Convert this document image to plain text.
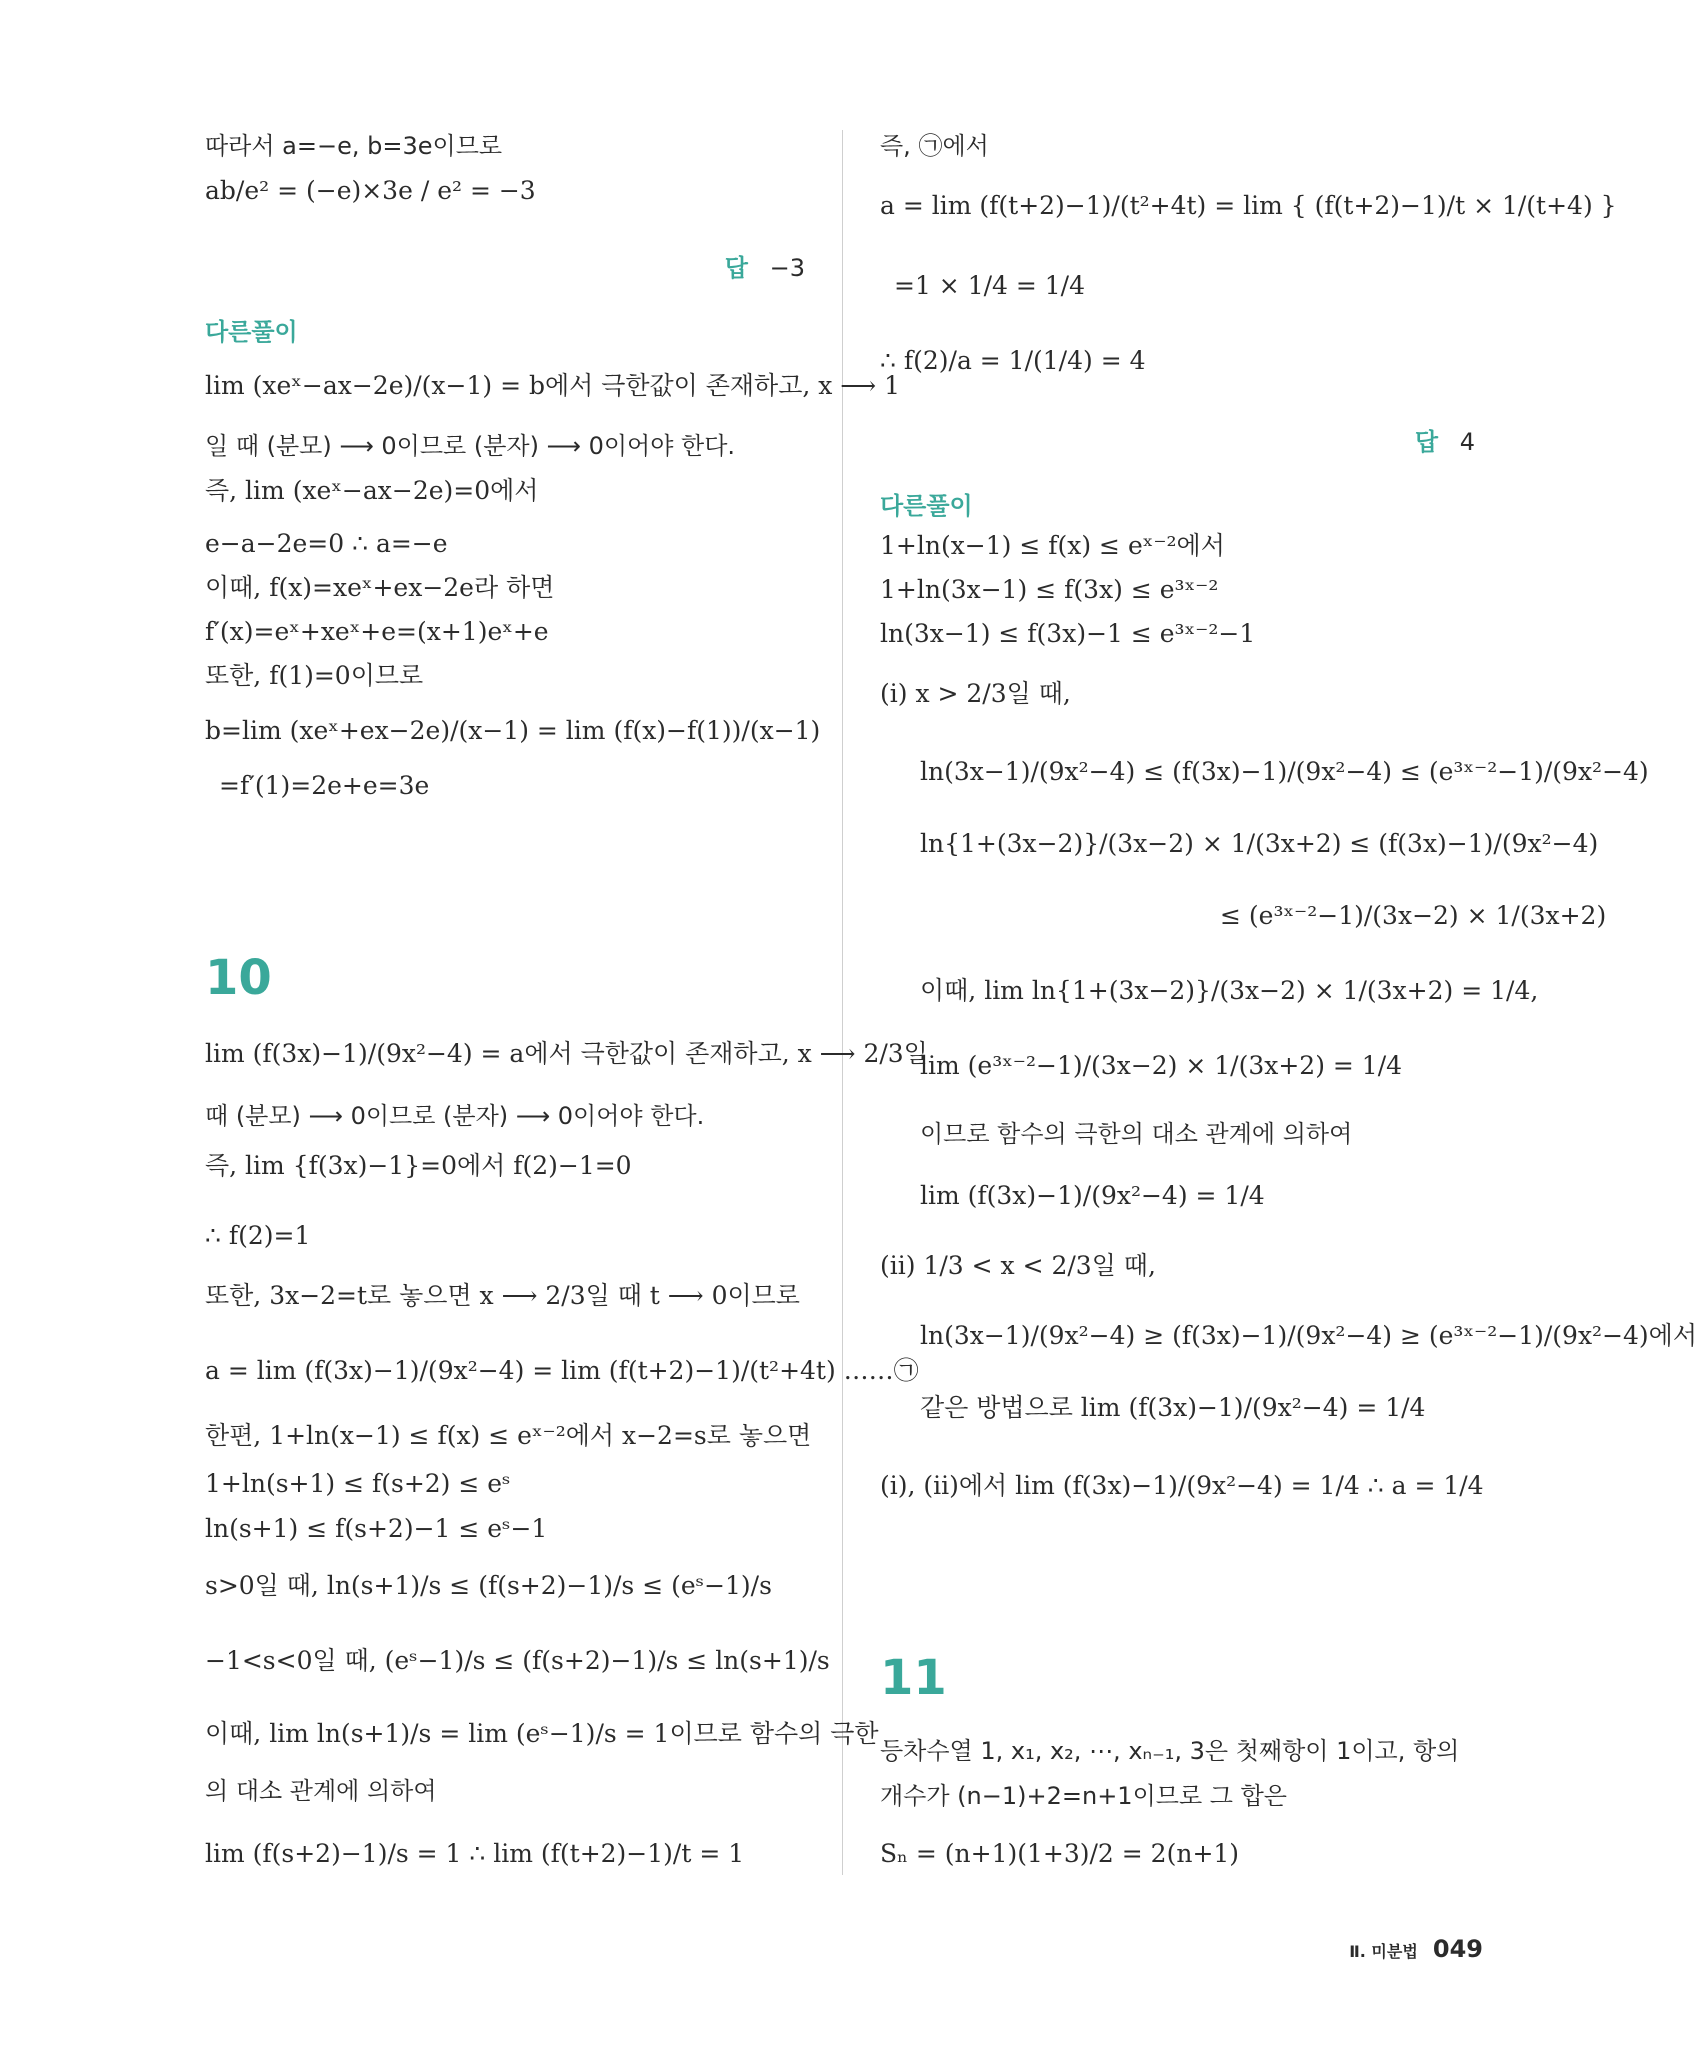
따라서 a=−e, b=3e이므로
ab/e² = (−e)×3e / e² = −3
답 −3
다른풀이
lim (xeˣ−ax−2e)/(x−1) = b에서 극한값이 존재하고, x ⟶ 1
일 때 (분모) ⟶ 0이므로 (분자) ⟶ 0이어야 한다.
즉, lim (xeˣ−ax−2e)=0에서
e−a−2e=0 ∴ a=−e
이때, f(x)=xeˣ+ex−2e라 하면
f′(x)=eˣ+xeˣ+e=(x+1)eˣ+e
또한, f(1)=0이므로
b=lim (xeˣ+ex−2e)/(x−1) = lim (f(x)−f(1))/(x−1)
=f′(1)=2e+e=3e
10
lim (f(3x)−1)/(9x²−4) = a에서 극한값이 존재하고, x ⟶ 2/3일
때 (분모) ⟶ 0이므로 (분자) ⟶ 0이어야 한다.
즉, lim {f(3x)−1}=0에서 f(2)−1=0
∴ f(2)=1
또한, 3x−2=t로 놓으면 x ⟶ 2/3일 때 t ⟶ 0이므로
a = lim (f(3x)−1)/(9x²−4) = lim (f(t+2)−1)/(t²+4t) ……㉠
한편, 1+ln(x−1) ≤ f(x) ≤ eˣ⁻²에서 x−2=s로 놓으면
1+ln(s+1) ≤ f(s+2) ≤ eˢ
ln(s+1) ≤ f(s+2)−1 ≤ eˢ−1
s>0일 때, ln(s+1)/s ≤ (f(s+2)−1)/s ≤ (eˢ−1)/s
−1<s<0일 때, (eˢ−1)/s ≤ (f(s+2)−1)/s ≤ ln(s+1)/s
이때, lim ln(s+1)/s = lim (eˢ−1)/s = 1이므로 함수의 극한
의 대소 관계에 의하여
lim (f(s+2)−1)/s = 1 ∴ lim (f(t+2)−1)/t = 1
즉, ㉠에서
a = lim (f(t+2)−1)/(t²+4t) = lim { (f(t+2)−1)/t × 1/(t+4) }
=1 × 1/4 = 1/4
∴ f(2)/a = 1/(1/4) = 4
답 4
다른풀이
1+ln(x−1) ≤ f(x) ≤ eˣ⁻²에서
1+ln(3x−1) ≤ f(3x) ≤ e³ˣ⁻²
ln(3x−1) ≤ f(3x)−1 ≤ e³ˣ⁻²−1
(i) x > 2/3일 때,
ln(3x−1)/(9x²−4) ≤ (f(3x)−1)/(9x²−4) ≤ (e³ˣ⁻²−1)/(9x²−4)
ln{1+(3x−2)}/(3x−2) × 1/(3x+2) ≤ (f(3x)−1)/(9x²−4)
≤ (e³ˣ⁻²−1)/(3x−2) × 1/(3x+2)
이때, lim ln{1+(3x−2)}/(3x−2) × 1/(3x+2) = 1/4,
lim (e³ˣ⁻²−1)/(3x−2) × 1/(3x+2) = 1/4
이므로 함수의 극한의 대소 관계에 의하여
lim (f(3x)−1)/(9x²−4) = 1/4
(ii) 1/3 < x < 2/3일 때,
ln(3x−1)/(9x²−4) ≥ (f(3x)−1)/(9x²−4) ≥ (e³ˣ⁻²−1)/(9x²−4)에서
같은 방법으로 lim (f(3x)−1)/(9x²−4) = 1/4
(i), (ii)에서 lim (f(3x)−1)/(9x²−4) = 1/4 ∴ a = 1/4
11
등차수열 1, x₁, x₂, ⋯, xₙ₋₁, 3은 첫째항이 1이고, 항의
개수가 (n−1)+2=n+1이므로 그 합은
Sₙ = (n+1)(1+3)/2 = 2(n+1)
Ⅱ. 미분법 049
